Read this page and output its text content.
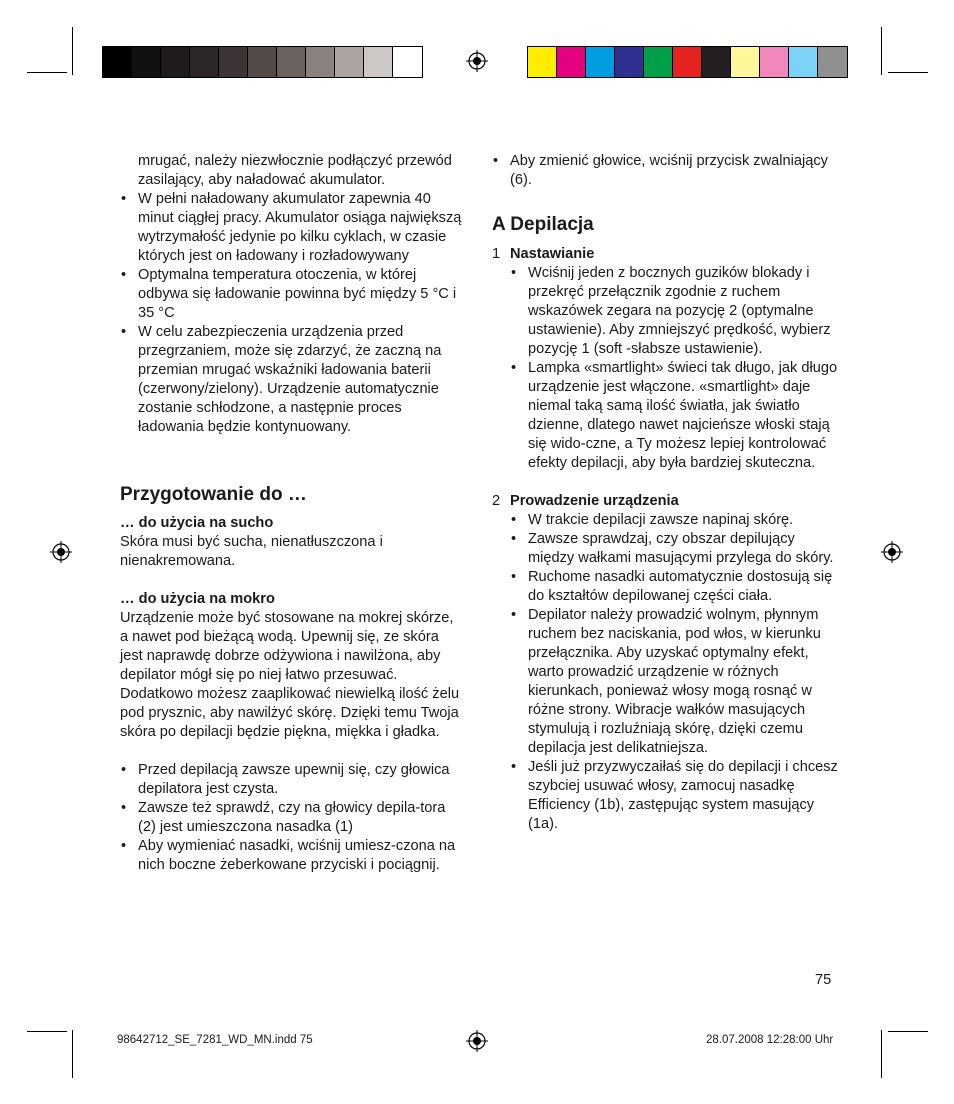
mrugać, należy niezwłocznie podłączyć przewód zasilający, aby naładować akumulator.

• W pełni naładowany akumulator zapewnia 40 minut ciągłej pracy. Akumulator osiąga największą wytrzymałość jedynie po kilku cyklach, w czasie których jest on ładowany i rozładowywany
• Optymalna temperatura otoczenia, w której odbywa się ładowanie powinna być między 5 °C i 35 °C
• W celu zabezpieczenia urządzenia przed przegrzaniem, może się zdarzyć, że zaczną na przemian mrugać wskaźniki ładowania baterii (czerwony/zielony). Urządzenie automatycznie zostanie schłodzone, a następnie proces ładowania będzie kontynuowany.
Przygotowanie do …

… do użycia na sucho

Skóra musi być sucha, nienatłuszczona i nienakremowana.

… do użycia na mokro

Urządzenie może być stosowane na mokrej skórze, a nawet pod bieżącą wodą. Upewnij się, ze skóra jest naprawdę dobrze odżywiona i nawilżona, aby depilator mógł się po niej łatwo przesuwać. Dodatkowo możesz zaaplikować niewielką ilość żelu pod prysznic, aby nawilżyć skórę. Dzięki temu Twoja skóra po depilacji będzie piękna, miękka i gładka.

• Przed depilacją zawsze upewnij się, czy głowica depilatora jest czysta.
• Zawsze też sprawdź, czy na głowicy depila-tora (2) jest umieszczona nasadka (1)
• Aby wymieniać nasadki, wciśnij umiesz-czona na nich boczne żeberkowane przyciski i pociągnij.
• Aby zmienić głowice, wciśnij przycisk zwalniający (6).
A Depilacja

1 Nastawianie

• Wciśnij jeden z bocznych guzików blokady i przekręć przełącznik zgodnie z ruchem wskazówek zegara na pozycję 2 (optymalne ustawienie). Aby zmniejszyć prędkość, wybierz pozycję 1 (soft -słabsze ustawienie).
• Lampka «smartlight» świeci tak długo, jak długo urządzenie jest włączone. «smartlight» daje niemal taką samą ilość światła, jak światło dzienne, dlatego nawet najcieńsze włoski stają się wido-czne, a Ty możesz lepiej kontrolować efekty depilacji, aby była bardziej skuteczna.

2 Prowadzenie urządzenia

• W trakcie depilacji zawsze napinaj skórę.
• Zawsze sprawdzaj, czy obszar depilujący między wałkami masującymi przylega do skóry.
• Ruchome nasadki automatycznie dostosują się do kształtów depilowanej części ciała.
• Depilator należy prowadzić wolnym, płynnym ruchem bez naciskania, pod włos, w kierunku przełącznika. Aby uzyskać optymalny efekt, warto prowadzić urządzenie w różnych kierunkach, ponieważ włosy mogą rosnąć w różne strony. Wibracje wałków masujących stymulują i rozluźniają skórę, dzięki czemu depilacja jest delikatniejsza.
• Jeśli już przyzwyczaiłaś się do depilacji i chcesz szybciej usuwać włosy, zamocuj nasadkę Efficiency (1b), zastępując system masujący (1a).
75
98642712_SE_7281_WD_MN.indd 75	28.07.2008 12:28:00 Uhr
